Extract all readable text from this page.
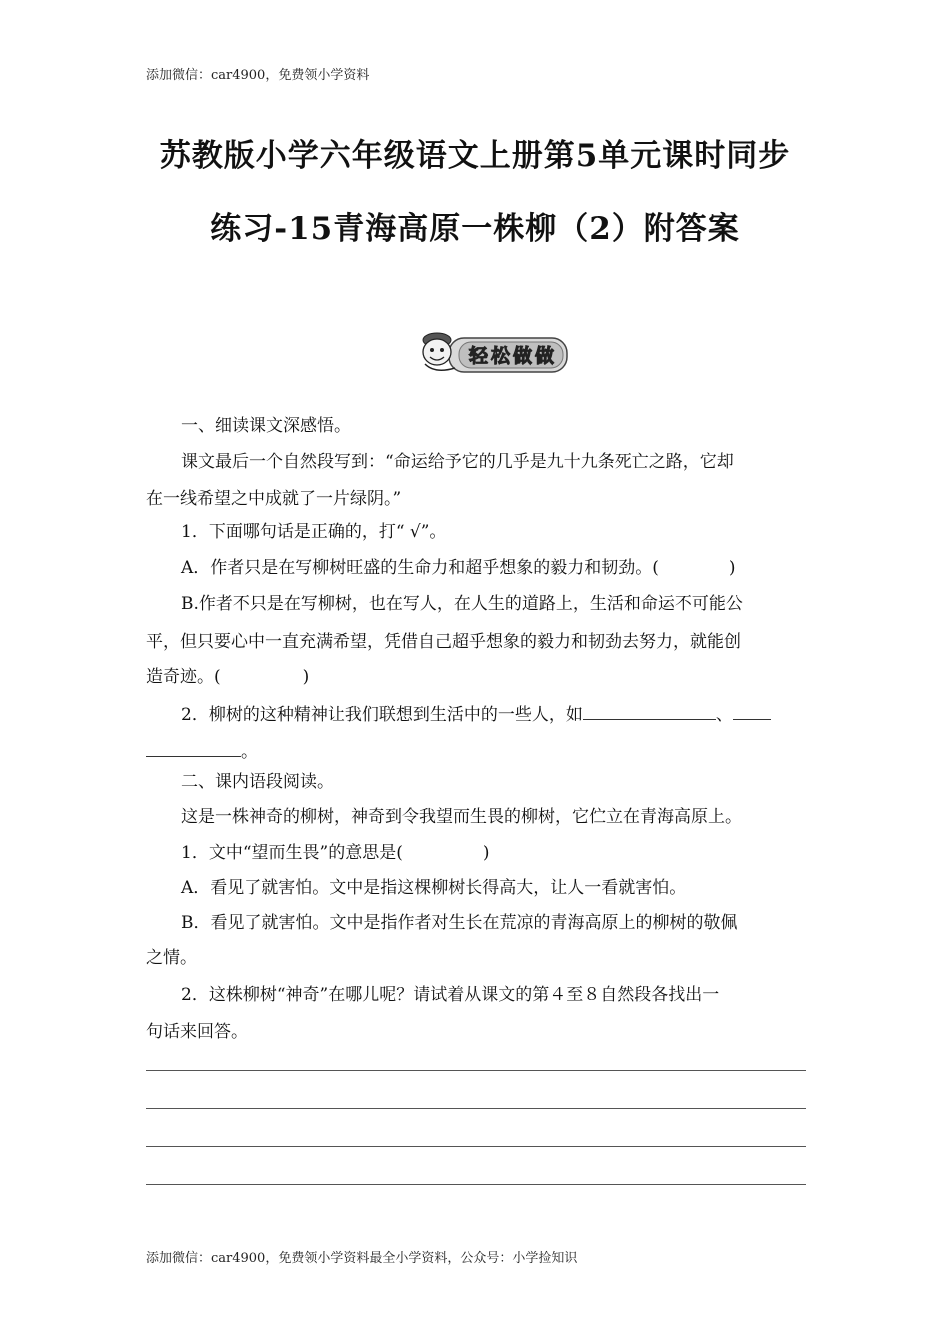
添加微信：car4900，免费领小学资料
苏教版小学六年级语文上册第5单元课时同步
练习-15青海高原一株柳（2）附答案
轻松做做
一、细读课文深感悟。
课文最后一个自然段写到：“命运给予它的几乎是九十九条死亡之路，它却
在一线希望之中成就了一片绿阴。”
1．下面哪句话是正确的，打“ √”。
A．作者只是在写柳树旺盛的生命力和超乎想象的毅力和韧劲。(	)
B.作者不只是在写柳树，也在写人，在人生的道路上，生活和命运不可能公
平，但只要心中一直充满希望，凭借自己超乎想象的毅力和韧劲去努力，就能创
造奇迹。(	)
2．柳树的这种精神让我们联想到生活中的一些人，如	、
。
二、课内语段阅读。
这是一株神奇的柳树，神奇到令我望而生畏的柳树，它伫立在青海高原上。
1．文中“望而生畏”的意思是(	)
A．看见了就害怕。文中是指这棵柳树长得高大，让人一看就害怕。
B．看见了就害怕。文中是指作者对生长在荒凉的青海高原上的柳树的敬佩
之情。
2．这株柳树“神奇”在哪儿呢？请试着从课文的第４至８自然段各找出一
句话来回答。
添加微信：car4900，免费领小学资料最全小学资料，公众号：小学捡知识
